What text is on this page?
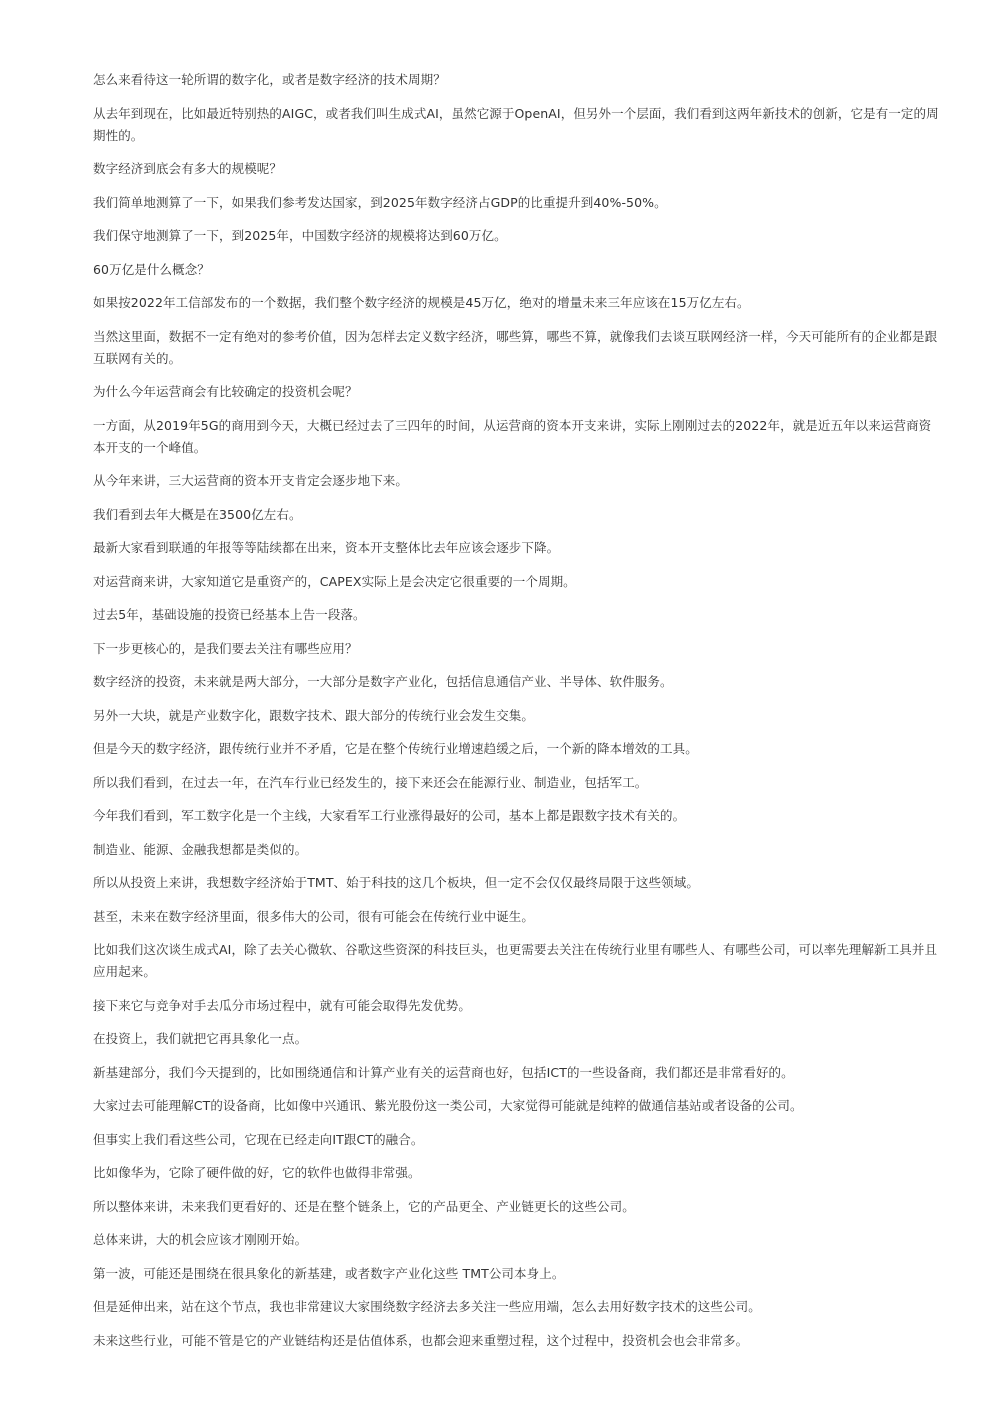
怎么来看待这一轮所谓的数字化，或者是数字经济的技术周期？

从去年到现在，比如最近特别热的AIGC，或者我们叫生成式AI，虽然它源于OpenAI，但另外一个层面，我们看到这两年新技术的创新，它是有一定的周期性的。

数字经济到底会有多大的规模呢？

我们简单地测算了一下，如果我们参考发达国家，到2025年数字经济占GDP的比重提升到40%-50%。

我们保守地测算了一下，到2025年，中国数字经济的规模将达到60万亿。

60万亿是什么概念？

如果按2022年工信部发布的一个数据，我们整个数字经济的规模是45万亿，绝对的增量未来三年应该在15万亿左右。

当然这里面，数据不一定有绝对的参考价值，因为怎样去定义数字经济，哪些算，哪些不算，就像我们去谈互联网经济一样，今天可能所有的企业都是跟互联网有关的。

为什么今年运营商会有比较确定的投资机会呢？

一方面，从2019年5G的商用到今天，大概已经过去了三四年的时间，从运营商的资本开支来讲，实际上刚刚过去的2022年，就是近五年以来运营商资本开支的一个峰值。

从今年来讲，三大运营商的资本开支肯定会逐步地下来。

我们看到去年大概是在3500亿左右。

最新大家看到联通的年报等等陆续都在出来，资本开支整体比去年应该会逐步下降。

对运营商来讲，大家知道它是重资产的，CAPEX实际上是会决定它很重要的一个周期。

过去5年，基础设施的投资已经基本上告一段落。

下一步更核心的，是我们要去关注有哪些应用？

数字经济的投资，未来就是两大部分，一大部分是数字产业化，包括信息通信产业、半导体、软件服务。

另外一大块，就是产业数字化，跟数字技术、跟大部分的传统行业会发生交集。

但是今天的数字经济，跟传统行业并不矛盾，它是在整个传统行业增速趋缓之后，一个新的降本增效的工具。

所以我们看到，在过去一年，在汽车行业已经发生的，接下来还会在能源行业、制造业，包括军工。

今年我们看到，军工数字化是一个主线，大家看军工行业涨得最好的公司，基本上都是跟数字技术有关的。

制造业、能源、金融我想都是类似的。

所以从投资上来讲，我想数字经济始于TMT、始于科技的这几个板块，但一定不会仅仅最终局限于这些领域。

甚至，未来在数字经济里面，很多伟大的公司，很有可能会在传统行业中诞生。

比如我们这次谈生成式AI，除了去关心微软、谷歌这些资深的科技巨头，也更需要去关注在传统行业里有哪些人、有哪些公司，可以率先理解新工具并且应用起来。

接下来它与竞争对手去瓜分市场过程中，就有可能会取得先发优势。

在投资上，我们就把它再具象化一点。

新基建部分，我们今天提到的，比如围绕通信和计算产业有关的运营商也好，包括ICT的一些设备商，我们都还是非常看好的。

大家过去可能理解CT的设备商，比如像中兴通讯、紫光股份这一类公司，大家觉得可能就是纯粹的做通信基站或者设备的公司。

但事实上我们看这些公司，它现在已经走向IT跟CT的融合。

比如像华为，它除了硬件做的好，它的软件也做得非常强。

所以整体来讲，未来我们更看好的、还是在整个链条上，它的产品更全、产业链更长的这些公司。

总体来讲，大的机会应该才刚刚开始。

第一波，可能还是围绕在很具象化的新基建，或者数字产业化这些 TMT公司本身上。

但是延伸出来，站在这个节点，我也非常建议大家围绕数字经济去多关注一些应用端，怎么去用好数字技术的这些公司。

未来这些行业，可能不管是它的产业链结构还是估值体系，也都会迎来重塑过程，这个过程中，投资机会也会非常多。
